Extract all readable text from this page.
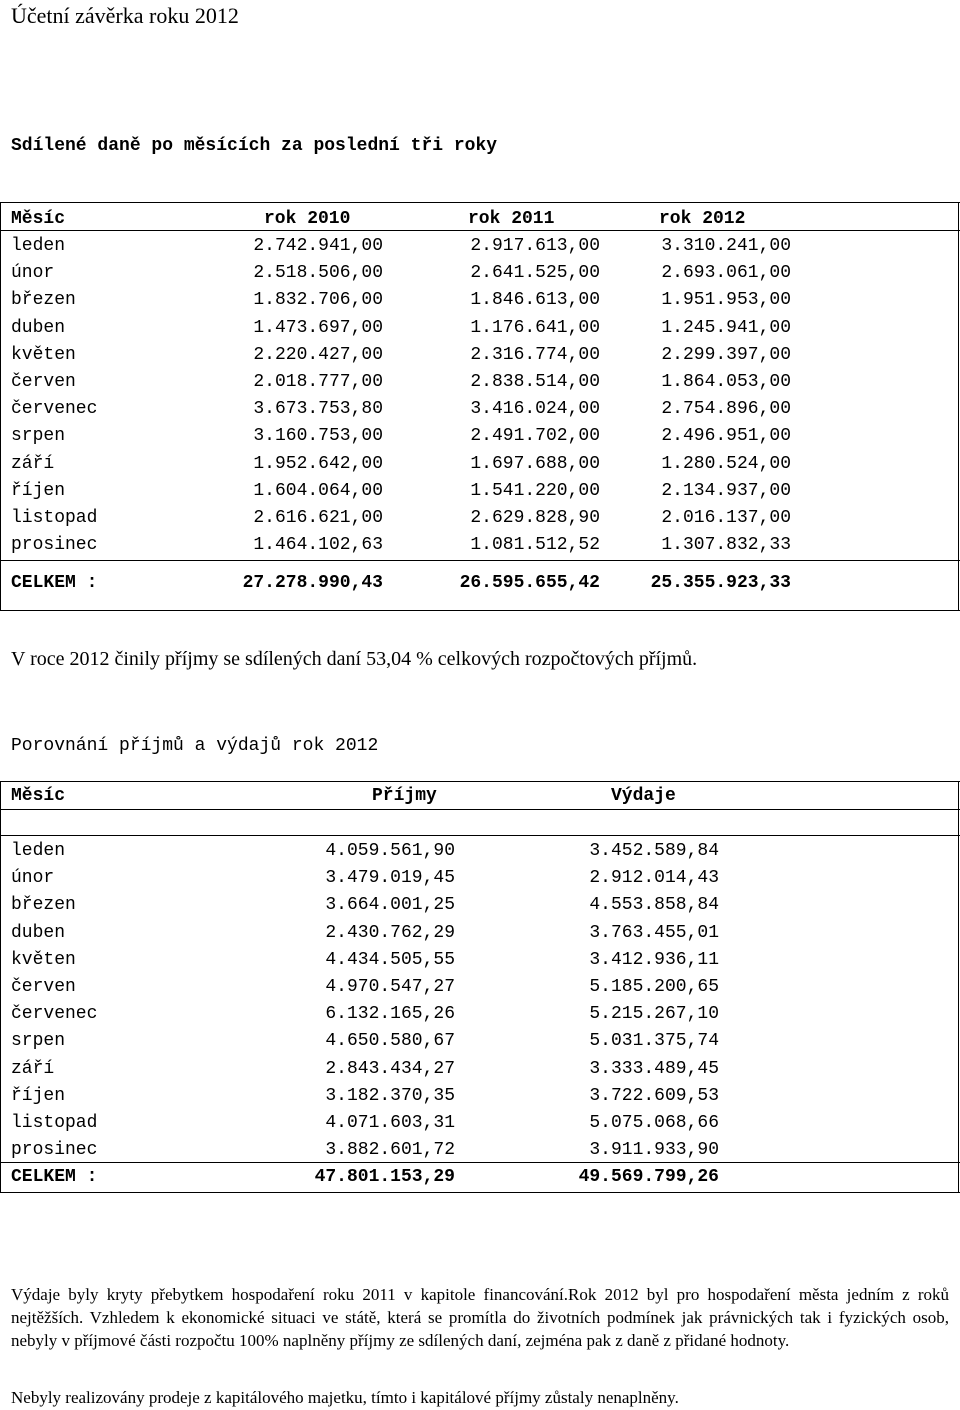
Účetní závěrka roku 2012
Sdílené daně po měsících za poslední tři roky
Měsíc	rok 2010	rok 2011	rok 2012
leden	2.742.941,00	2.917.613,00	3.310.241,00
únor	2.518.506,00	2.641.525,00	2.693.061,00
březen	1.832.706,00	1.846.613,00	1.951.953,00
duben	1.473.697,00	1.176.641,00	1.245.941,00
květen	2.220.427,00	2.316.774,00	2.299.397,00
červen	2.018.777,00	2.838.514,00	1.864.053,00
červenec	3.673.753,80	3.416.024,00	2.754.896,00
srpen	3.160.753,00	2.491.702,00	2.496.951,00
září	1.952.642,00	1.697.688,00	1.280.524,00
říjen	1.604.064,00	1.541.220,00	2.134.937,00
listopad	2.616.621,00	2.629.828,90	2.016.137,00
prosinec	1.464.102,63	1.081.512,52	1.307.832,33
CELKEM :	27.278.990,43	26.595.655,42	25.355.923,33
V roce 2012 činily příjmy se sdílených daní 53,04 % celkových rozpočtových příjmů.
Porovnání příjmů a výdajů rok 2012
Měsíc	Příjmy	Výdaje
leden	4.059.561,90	3.452.589,84
únor	3.479.019,45	2.912.014,43
březen	3.664.001,25	4.553.858,84
duben	2.430.762,29	3.763.455,01
květen	4.434.505,55	3.412.936,11
červen	4.970.547,27	5.185.200,65
červenec	6.132.165,26	5.215.267,10
srpen	4.650.580,67	5.031.375,74
září	2.843.434,27	3.333.489,45
říjen	3.182.370,35	3.722.609,53
listopad	4.071.603,31	5.075.068,66
prosinec	3.882.601,72	3.911.933,90
CELKEM :	47.801.153,29	49.569.799,26
Výdaje byly kryty přebytkem hospodaření roku 2011 v kapitole financování.Rok 2012 byl pro hospodaření města jedním z roků nejtěžších. Vzhledem k ekonomické situaci ve státě, která se promítla do životních podmínek jak právnických tak i fyzických osob, nebyly v příjmové části rozpočtu 100% naplněny příjmy ze sdílených daní, zejména pak z daně z přidané hodnoty.
Nebyly realizovány prodeje z kapitálového majetku, tímto i kapitálové příjmy zůstaly nenaplněny.
